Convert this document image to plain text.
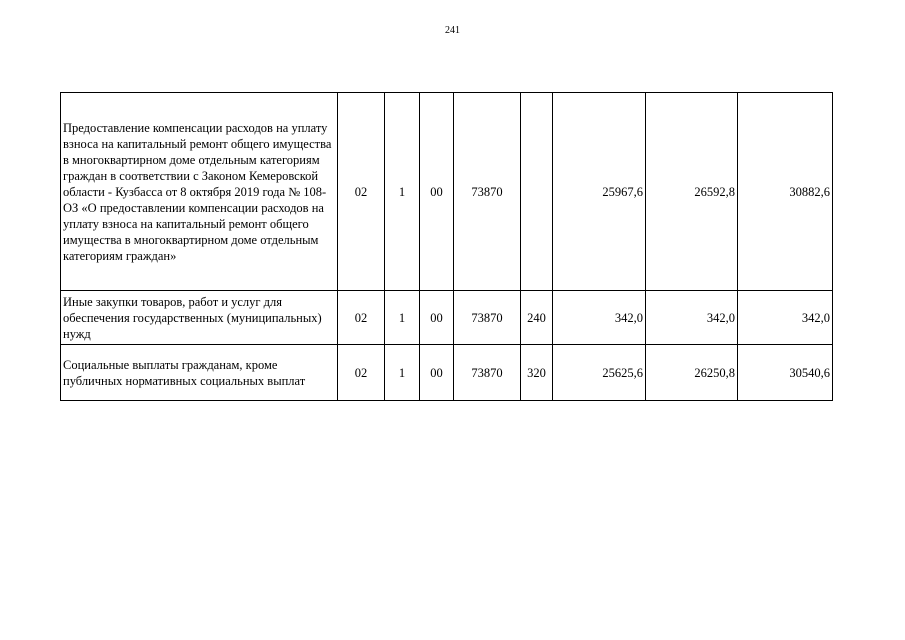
241
Предоставление компенсации расходов на уплату взноса на капитальный ремонт общего имущества в многоквартирном доме отдельным категориям граждан в соответствии с Законом Кемеровской области - Кузбасса от 8 октября 2019 года № 108-ОЗ «О предоставлении компенсации расходов на уплату взноса на капитальный ремонт общего имущества в многоквартирном доме отдельным категориям граждан»	02	1	00	73870		25967,6	26592,8	30882,6
Иные закупки товаров, работ и услуг для обеспечения государственных (муниципальных) нужд	02	1	00	73870	240	342,0	342,0	342,0
Социальные выплаты гражданам, кроме публичных нормативных социальных выплат	02	1	00	73870	320	25625,6	26250,8	30540,6
